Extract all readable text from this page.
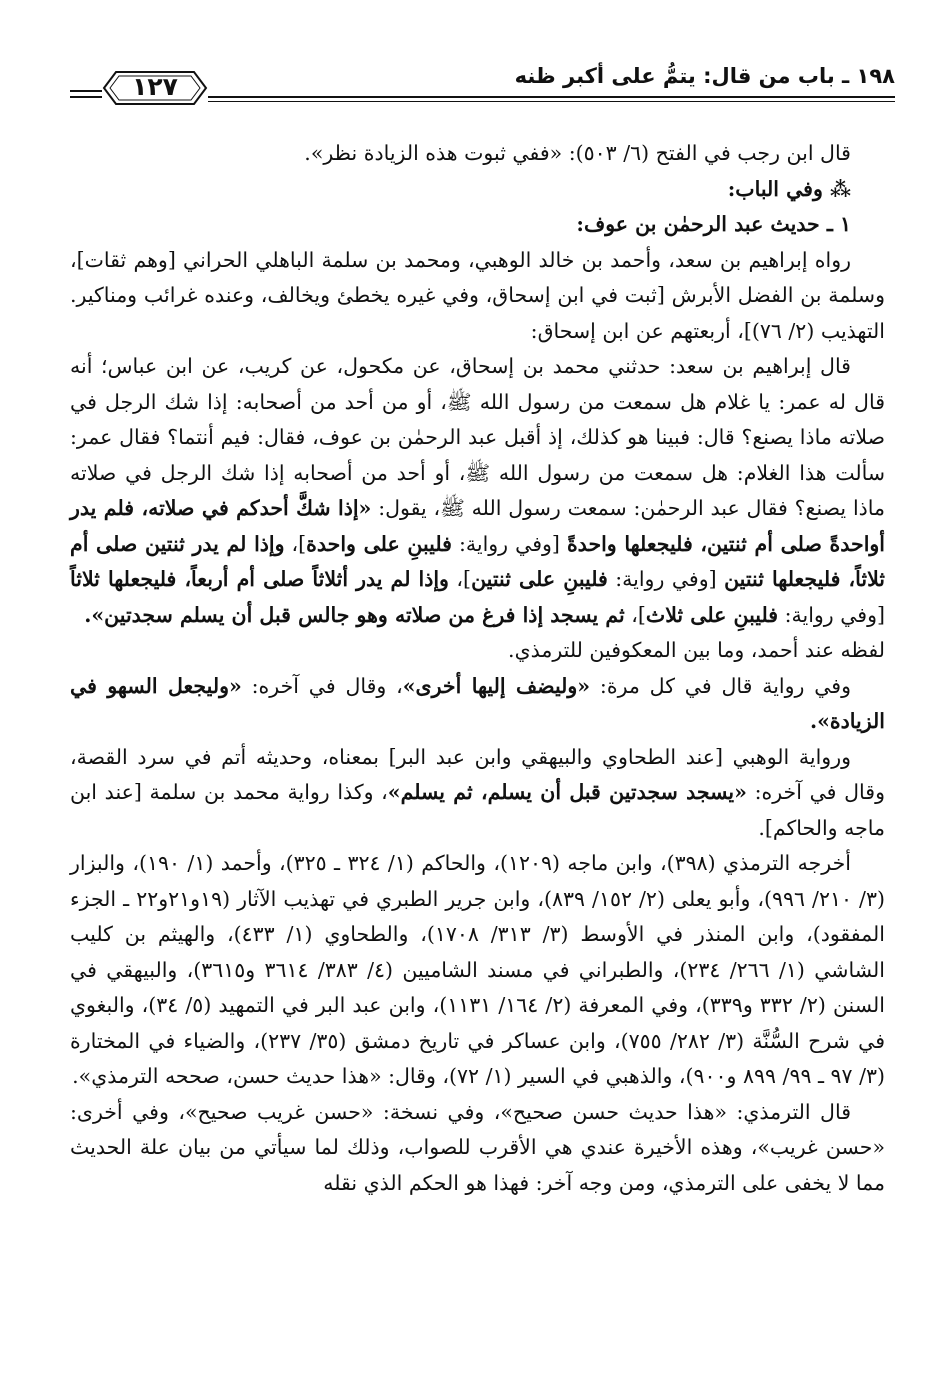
١٩٨ ـ باب من قال: يتمُّ على أكبر ظنه
١٢٧

قال ابن رجب في الفتح (٦/ ٥٠٣): «ففي ثبوت هذه الزيادة نظر».

⁂ وفي الباب:

١ ـ حديث عبد الرحمٰن بن عوف:

رواه إبراهيم بن سعد، وأحمد بن خالد الوهبي، ومحمد بن سلمة الباهلي الحراني [وهم ثقات]، وسلمة بن الفضل الأبرش [ثبت في ابن إسحاق، وفي غيره يخطئ ويخالف، وعنده غرائب ومناكير. التهذيب (٢/ ٧٦)]، أربعتهم عن ابن إسحاق:

قال إبراهيم بن سعد: حدثني محمد بن إسحاق، عن مكحول، عن كريب، عن ابن عباس؛ أنه قال له عمر: يا غلام هل سمعت من رسول الله ﷺ، أو من أحد من أصحابه: إذا شك الرجل في صلاته ماذا يصنع؟ قال: فبينا هو كذلك، إذ أقبل عبد الرحمٰن بن عوف، فقال: فيم أنتما؟ فقال عمر: سألت هذا الغلام: هل سمعت من رسول الله ﷺ، أو أحد من أصحابه إذا شك الرجل في صلاته ماذا يصنع؟ فقال عبد الرحمٰن: سمعت رسول الله ﷺ، يقول: «إذا شكَّ أحدكم في صلاته، فلم يدر أواحدةً صلى أم ثنتين، فليجعلها واحدةً [وفي رواية: فليبنِ على واحدة]، وإذا لم يدر ثنتين صلى أم ثلاثاً، فليجعلها ثنتين [وفي رواية: فليبنِ على ثنتين]، وإذا لم يدر أثلاثاً صلى أم أربعاً، فليجعلها ثلاثاً [وفي رواية: فليبنِ على ثلاث]، ثم يسجد إذا فرغ من صلاته وهو جالس قبل أن يسلم سجدتين».

لفظه عند أحمد، وما بين المعكوفين للترمذي.

وفي رواية قال في كل مرة: «وليضف إليها أخرى»، وقال في آخره: «وليجعل السهو في الزيادة».

ورواية الوهبي [عند الطحاوي والبيهقي وابن عبد البر] بمعناه، وحديثه أتم في سرد القصة، وقال في آخره: «يسجد سجدتين قبل أن يسلم، ثم يسلم»، وكذا رواية محمد بن سلمة [عند ابن ماجه والحاكم].

أخرجه الترمذي (٣٩٨)، وابن ماجه (١٢٠٩)، والحاكم (١/ ٣٢٤ ـ ٣٢٥)، وأحمد (١/ ١٩٠)، والبزار (٣/ ٢١٠/ ٩٩٦)، وأبو يعلى (٢/ ١٥٢/ ٨٣٩)، وابن جرير الطبري في تهذيب الآثار (١٩و٢١و٢٢ ـ الجزء المفقود)، وابن المنذر في الأوسط (٣/ ٣١٣/ ١٧٠٨)، والطحاوي (١/ ٤٣٣)، والهيثم بن كليب الشاشي (١/ ٢٦٦/ ٢٣٤)، والطبراني في مسند الشاميين (٤/ ٣٨٣/ ٣٦١٤ و٣٦١٥)، والبيهقي في السنن (٢/ ٣٣٢ و٣٣٩)، وفي المعرفة (٢/ ١٦٤/ ١١٣١)، وابن عبد البر في التمهيد (٥/ ٣٤)، والبغوي في شرح السُّنَّة (٣/ ٢٨٢/ ٧٥٥)، وابن عساكر في تاريخ دمشق (٣٥/ ٢٣٧)، والضياء في المختارة (٣/ ٩٧ ـ ٩٩/ ٨٩٩ و٩٠٠)، والذهبي في السير (١/ ٧٢)، وقال: «هذا حديث حسن، صححه الترمذي».

قال الترمذي: «هذا حديث حسن صحيح»، وفي نسخة: «حسن غريب صحيح»، وفي أخرى: «حسن غريب»، وهذه الأخيرة عندي هي الأقرب للصواب، وذلك لما سيأتي من بيان علة الحديث مما لا يخفى على الترمذي، ومن وجه آخر: فهذا هو الحكم الذي نقله
